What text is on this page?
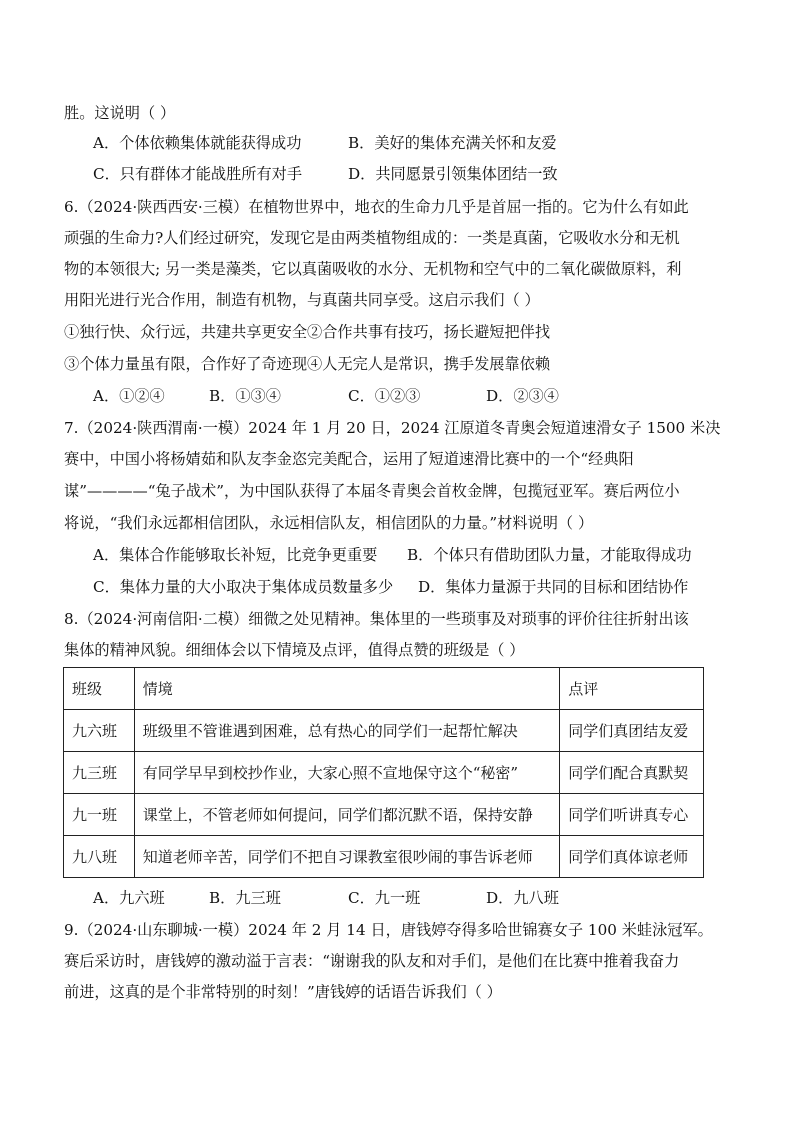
胜。这说明（ ）
A．个体依赖集体就能获得成功	B．美好的集体充满关怀和友爱
C．只有群体才能战胜所有对手	D．共同愿景引领集体团结一致
6.（2024·陕西西安·三模）在植物世界中，地衣的生命力几乎是首屈一指的。它为什么有如此
顽强的生命力?人们经过研究，发现它是由两类植物组成的：一类是真菌，它吸收水分和无机
物的本领很大; 另一类是藻类，它以真菌吸收的水分、无机物和空气中的二氧化碳做原料，利
用阳光进行光合作用，制造有机物，与真菌共同享受。这启示我们（ ）
①独行快、众行远，共建共享更安全②合作共事有技巧，扬长避短把伴找
③个体力量虽有限，合作好了奇迹现④人无完人是常识，携手发展靠依赖
A．①②④	B．①③④	C．①②③	D．②③④
7.（2024·陕西渭南·一模）2024 年 1 月 20 日，2024 江原道冬青奥会短道速滑女子 1500 米决
赛中，中国小将杨婧茹和队友李金恣完美配合，运用了短道速滑比赛中的一个“经典阳
谋”————“兔子战术”，为中国队获得了本届冬青奥会首枚金牌，包揽冠亚军。赛后两位小
将说，“我们永远都相信团队，永远相信队友，相信团队的力量。”材料说明（ ）
A．集体合作能够取长补短，比竞争更重要 B．个体只有借助团队力量，才能取得成功
C．集体力量的大小取决于集体成员数量多少 D．集体力量源于共同的目标和团结协作
8.（2024·河南信阳·二模）细微之处见精神。集体里的一些琐事及对琐事的评价往往折射出该
集体的精神风貌。细细体会以下情境及点评，值得点赞的班级是（ ）
班级	情境	点评
九六班	班级里不管谁遇到困难，总有热心的同学们一起帮忙解决	同学们真团结友爱
九三班	有同学早早到校抄作业，大家心照不宣地保守这个“秘密”	同学们配合真默契
九一班	课堂上，不管老师如何提问，同学们都沉默不语，保持安静	同学们听讲真专心
九八班	知道老师辛苦，同学们不把自习课教室很吵闹的事告诉老师	同学们真体谅老师
A．九六班	B．九三班	C．九一班	D．九八班
9.（2024·山东聊城·一模）2024 年 2 月 14 日，唐钱婷夺得多哈世锦赛女子 100 米蛙泳冠军。
赛后采访时，唐钱婷的激动溢于言表：“谢谢我的队友和对手们，是他们在比赛中推着我奋力
前进，这真的是个非常特别的时刻！”唐钱婷的话语告诉我们（ ）
